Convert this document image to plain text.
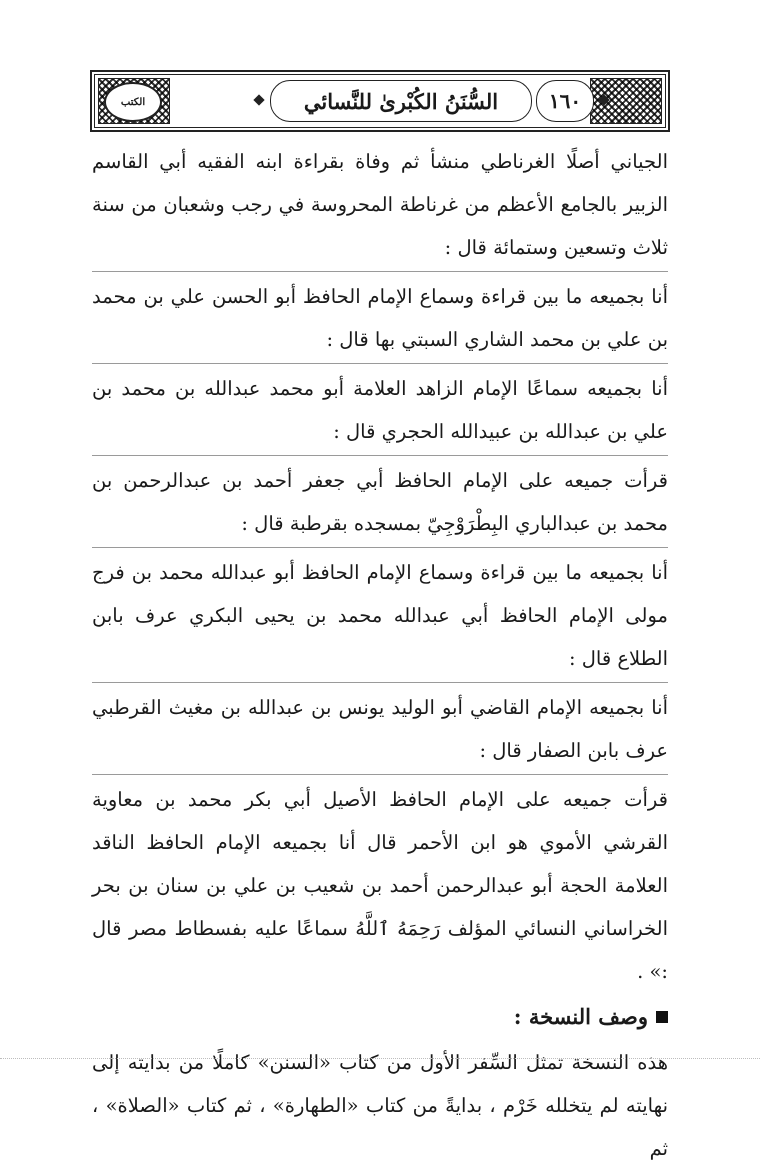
الكتب	السُّنَنُ الكُبْرىٰ للنَّسائي	١٦٠

الجياني أصلًا الغرناطي منشأ ثم وفاة بقراءة ابنه الفقيه أبي القاسم الزبير بالجامع الأعظم من غرناطة المحروسة في رجب وشعبان من سنة ثلاث وتسعين وستمائة قال :

أنا بجميعه ما بين قراءة وسماع الإمام الحافظ أبو الحسن علي بن محمد بن علي بن محمد الشاري السبتي بها قال :

أنا بجميعه سماعًا الإمام الزاهد العلامة أبو محمد عبدالله بن محمد بن علي بن عبدالله بن عبيدالله الحجري قال :

قرأت جميعه على الإمام الحافظ أبي جعفر أحمد بن عبدالرحمن بن محمد بن عبدالباري البِطْرَوْجِيّ بمسجده بقرطبة قال :

أنا بجميعه ما بين قراءة وسماع الإمام الحافظ أبو عبدالله محمد بن فرج مولى الإمام الحافظ أبي عبدالله محمد بن يحيى البكري عرف بابن الطلاع قال :

أنا بجميعه الإمام القاضي أبو الوليد يونس بن عبدالله بن مغيث القرطبي عرف بابن الصفار قال :

قرأت جميعه على الإمام الحافظ الأصيل أبي بكر محمد بن معاوية القرشي الأموي هو ابن الأحمر قال أنا بجميعه الإمام الحافظ الناقد العلامة الحجة أبو عبدالرحمن أحمد بن شعيب بن علي بن سنان بن بحر الخراساني النسائي المؤلف رَحِمَهُ ٱللَّهُ سماعًا عليه بفسطاط مصر قال :» .

وصف النسخة :

هذه النسخة تمثل السِّفر الأول من كتاب «السنن» كاملًا من بدايته إلى نهايته لم يتخلله خَرْم ، بدايةً من كتاب «الطهارة» ، ثم كتاب «الصلاة» ، ثم
